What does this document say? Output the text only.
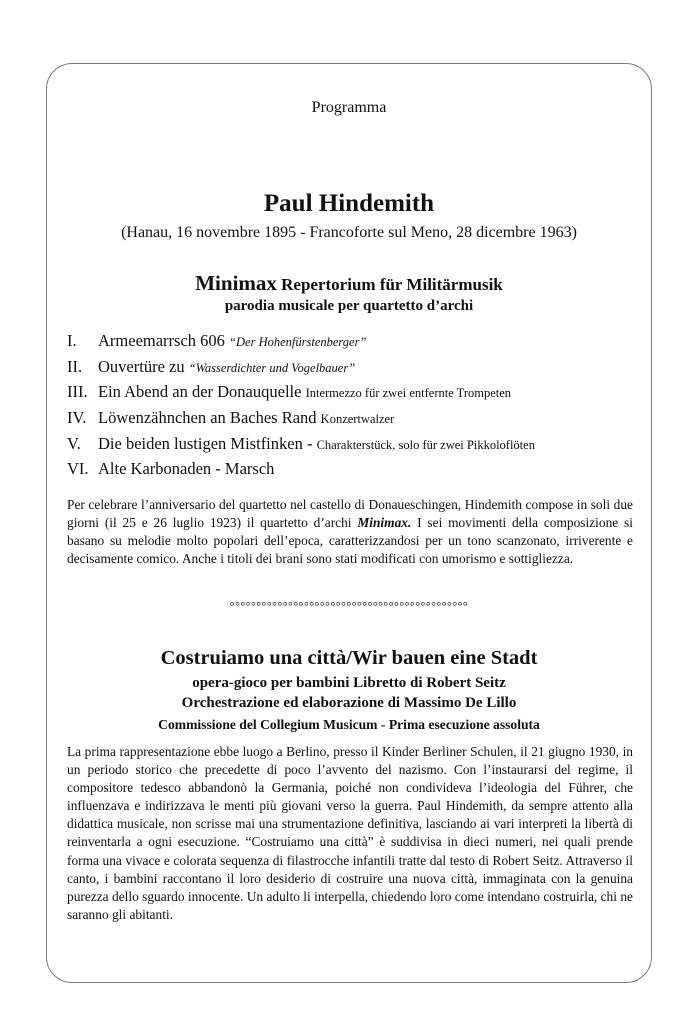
Programma
Paul Hindemith
(Hanau, 16 novembre 1895 - Francoforte sul Meno, 28 dicembre 1963)
Minimax Repertorium für Militärmusik
parodia musicale per quartetto d’archi
I. Armeemarrsch 606 “Der Hohenfürstenberger”
II. Ouvertüre zu “Wasserdichter und Vogelbauer”
III. Ein Abend an der Donauquelle Intermezzo für zwei entfernte Trompeten
IV. Löwenzähnchen an Baches Rand Konzertwalzer
V. Die beiden lustigen Mistfinken - Charakterstück, solo für zwei Pikkoloflöten
VI. Alte Karbonaden - Marsch

Per celebrare l’anniversario del quartetto nel castello di Donaueschingen, Hindemith compose in soli due giorni (il 25 e 26 luglio 1923) il quartetto d’archi Minimax. I sei movimenti della composizione si basano su melodie molto popolari dell’epoca, caratterizzandosi per un tono scanzonato, irriverente e decisamente comico. Anche i titoli dei brani sono stati modificati con umorismo e sottigliezza.

°°°°°°°°°°°°°°°°°°°°°°°°°°°°°°°°°°°°°°°°°°°°°
Costruiamo una città/Wir bauen eine Stadt
opera-gioco per bambini Libretto di Robert Seitz
Orchestrazione ed elaborazione di Massimo De Lillo
Commissione del Collegium Musicum - Prima esecuzione assoluta

La prima rappresentazione ebbe luogo a Berlino, presso il Kinder Berliner Schulen, il 21 giugno 1930, in un periodo storico che precedette di poco l’avvento del nazismo. Con l’instaurarsi del regime, il compositore tedesco abbandonò la Germania, poiché non condivideva l’ideologia del Führer, che influenzava e indirizzava le menti più giovani verso la guerra. Paul Hindemith, da sempre attento alla didattica musicale, non scrisse mai una strumentazione definitiva, lasciando ai vari interpreti la libertà di reinventarla a ogni esecuzione. “Costruiamo una città” è suddivisa in dieci numeri, nei quali prende forma una vivace e colorata sequenza di filastrocche infantili tratte dal testo di Robert Seitz. Attraverso il canto, i bambini raccontano il loro desiderio di costruire una nuova città, immaginata con la genuina purezza dello sguardo innocente. Un adulto li interpella, chiedendo loro come intendano costruirla, chi ne saranno gli abitanti.
